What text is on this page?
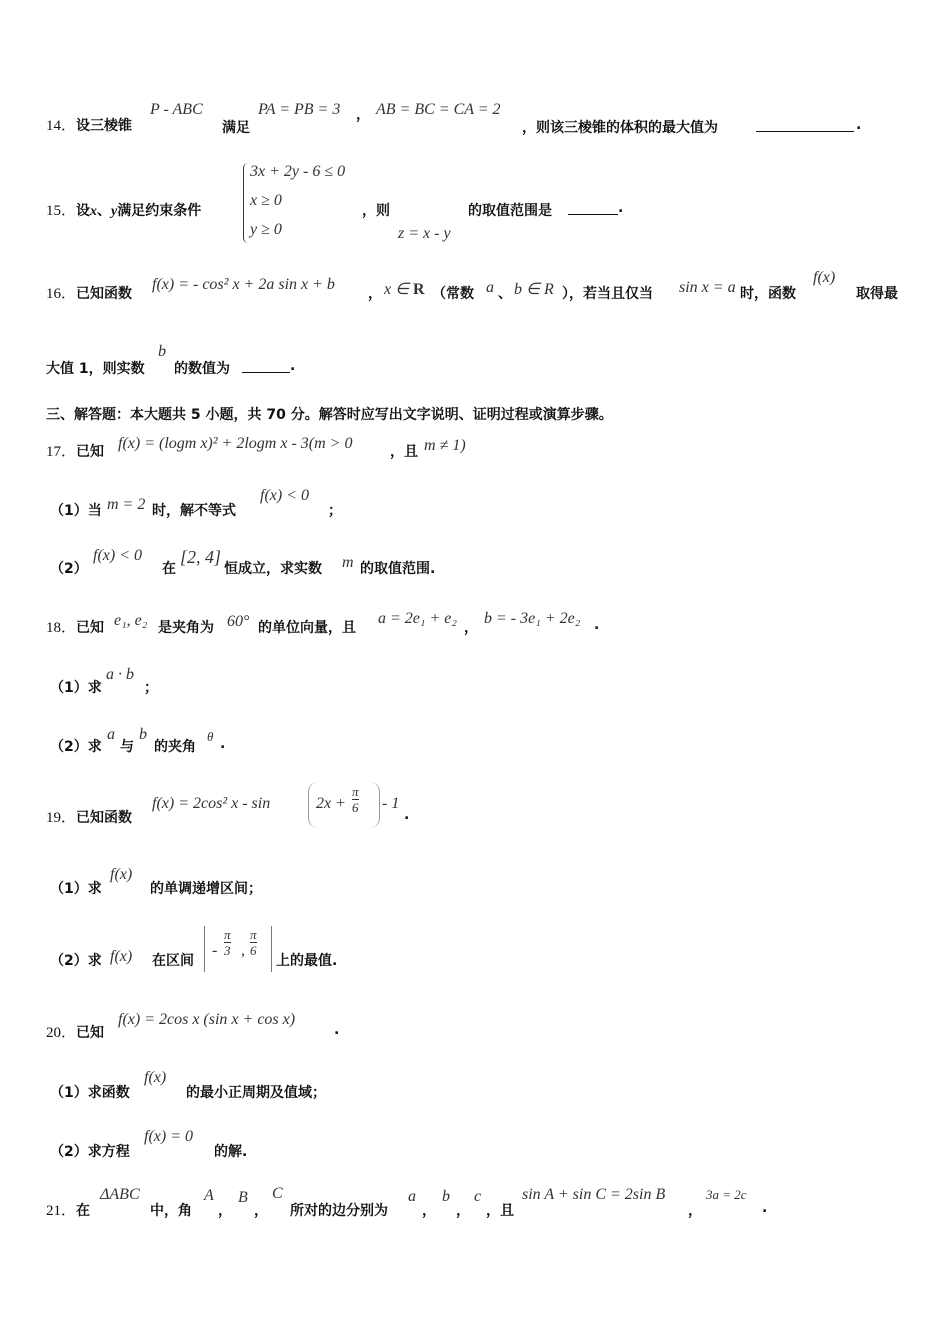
14．设三棱锥
P - ABC
满足
PA = PB = 3 ， AB = BC = CA = 2
，则该三棱锥的体积的最大值为	.
15．设x、y满足约束条件
3x + 2y - 6 ≤ 0
x ≥ 0
y ≥ 0
，则	的取值范围是	.
z = x - y
16．已知函数
f(x) = - cos² x + 2a sin x + b
， x ∈ R （常数 a 、 b ∈ R ），若当且仅当 sin x = a 时，函数
f(x)
取得最
大值 1，则实数
b
的数值为	.
三、解答题：本大题共 5 小题，共 70 分。解答时应写出文字说明、证明过程或演算步骤。
17．已知 f(x) = (logm x)² + 2logm x - 3(m > 0	，且 m ≠ 1)
（1）当 m = 2 时，解不等式
f(x) < 0
；
（2）
f(x) < 0
在
[2, 4]
恒成立，求实数 m 的取值范围.
18．已知 e₁, e₂ 是夹角为 60° 的单位向量，且
a = 2e₁ + e₂
，
b = - 3e₁ + 2e₂ .
（1）求
a · b
；
（2）求
a
与
b
的夹角
θ .
19．已知函数
f(x) = 2cos² x - sin	$2x + \frac{\pi}{6} - 1$
.
（1）求
f(x)
的单调递增区间；
（2）求 f(x) 在区间
- $\frac{\pi}{3}$ , $\frac{\pi}{6}$
上的最值.
20．已知
f(x) = 2cos x (sin x + cos x)
.
（1）求函数
f(x)
的最小正周期及值域；
（2）求方程
f(x) = 0
的解.
21．在
ΔABC
中，角
A
，
B
，
C
所对的边分别为
a
，
b
，
c
，且
sin A + sin C = 2sin B
，
3a = 2c
.
